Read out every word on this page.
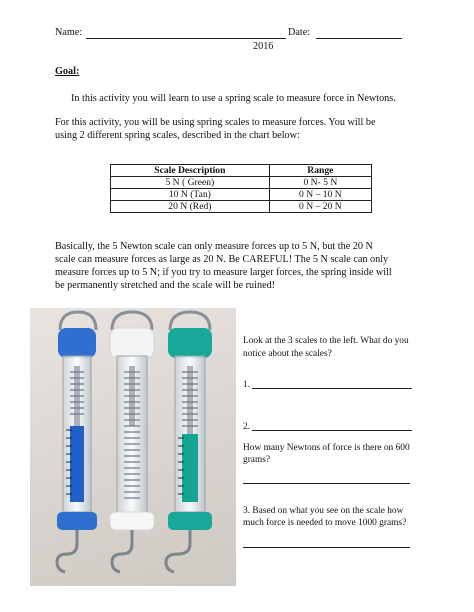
Name:	Date:
2016
Goal:
In this activity you will learn to use a spring scale to measure force in Newtons.
For this activity, you will be using spring scales to measure forces. You will be
using 2 different spring scales, described in the chart below:
Scale Description	Range
5 N ( Green)	0 N- 5 N
10 N (Tan)	0 N – 10 N
20 N (Red)	0 N – 20 N
Basically, the 5 Newton scale can only measure forces up to 5 N, but the 20 N
scale can measure forces as large as 20 N. Be CAREFUL! The 5 N scale can only
measure forces up to 5 N; if you try to measure larger forces, the spring inside will
be permanently stretched and the scale will be ruined!
Look at the 3 scales to the left. What do you
notice about the scales?
1.
2.
How many Newtons of force is there on 600
grams?
3. Based on what you see on the scale how
much force is needed to move 1000 grams?
